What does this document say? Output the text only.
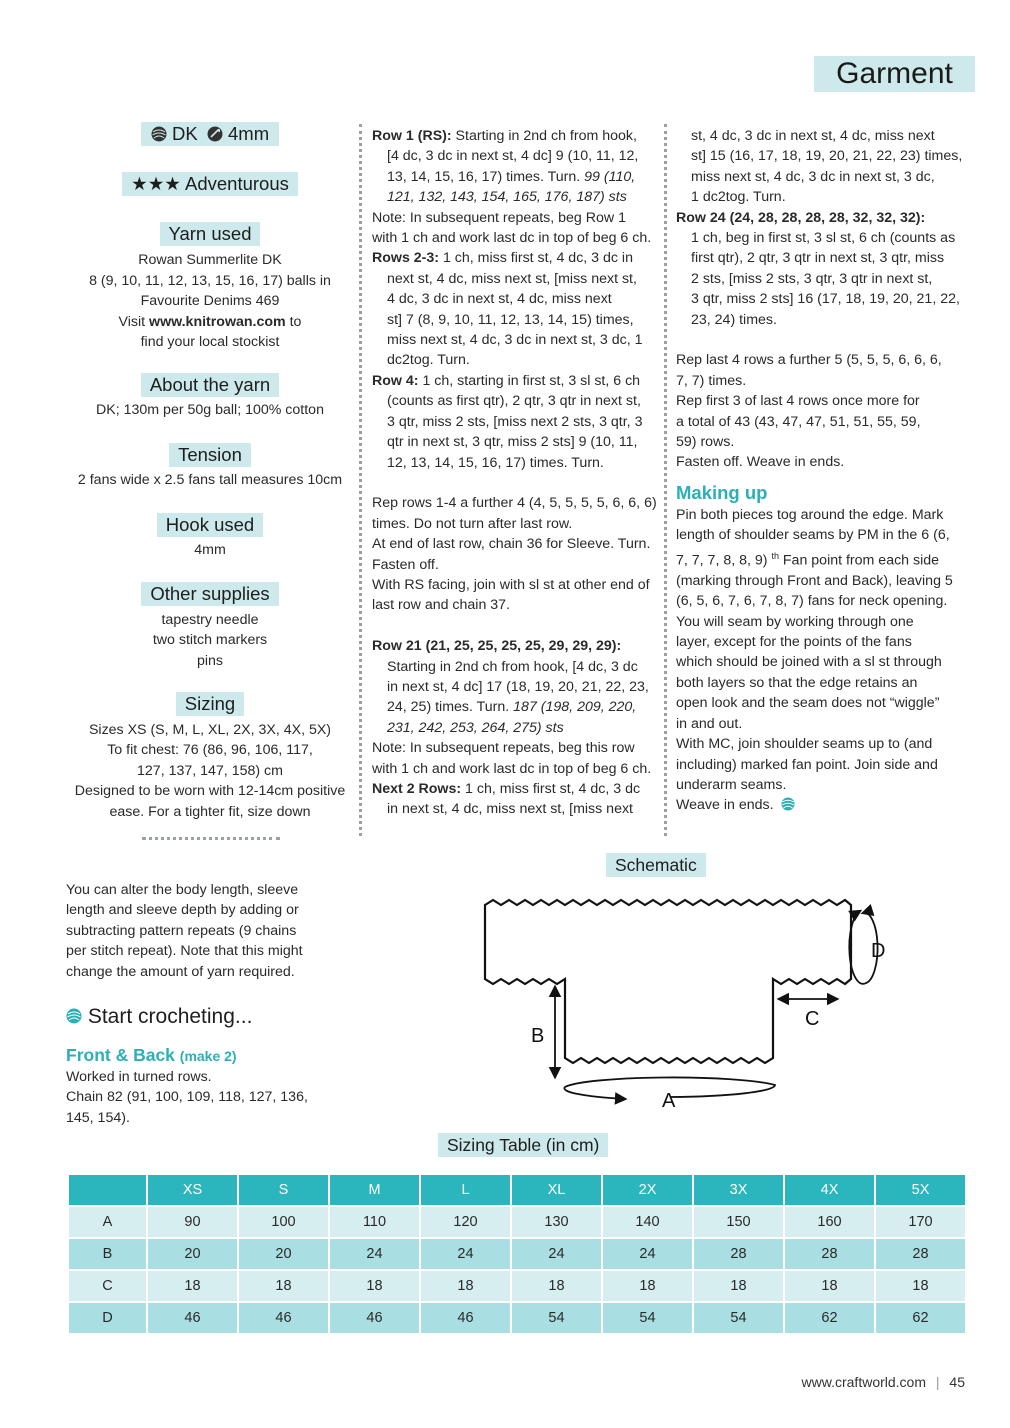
Garment
DK 4mm
★★★ Adventurous
Yarn used
Rowan Summerlite DK
8 (9, 10, 11, 12, 13, 15, 16, 17) balls in
Favourite Denims 469
Visit www.knitrowan.com to
find your local stockist
About the yarn
DK; 130m per 50g ball; 100% cotton
Tension
2 fans wide x 2.5 fans tall measures 10cm
Hook used
4mm
Other supplies
tapestry needle
two stitch markers
pins
Sizing
Sizes XS (S, M, L, XL, 2X, 3X, 4X, 5X)
To fit chest: 76 (86, 96, 106, 117,
127, 137, 147, 158) cm
Designed to be worn with 12-14cm positive
ease. For a tighter fit, size down
Row 1 (RS): Starting in 2nd ch from hook,
[4 dc, 3 dc in next st, 4 dc] 9 (10, 11, 12,
13, 14, 15, 16, 17) times. Turn. 99 (110,
121, 132, 143, 154, 165, 176, 187) sts
Note: In subsequent repeats, beg Row 1
with 1 ch and work last dc in top of beg 6 ch.
Rows 2-3: 1 ch, miss first st, 4 dc, 3 dc in
next st, 4 dc, miss next st, [miss next st,
4 dc, 3 dc in next st, 4 dc, miss next
st] 7 (8, 9, 10, 11, 12, 13, 14, 15) times,
miss next st, 4 dc, 3 dc in next st, 3 dc, 1
dc2tog. Turn.
Row 4: 1 ch, starting in first st, 3 sl st, 6 ch
(counts as first qtr), 2 qtr, 3 qtr in next st,
3 qtr, miss 2 sts, [miss next 2 sts, 3 qtr, 3
qtr in next st, 3 qtr, miss 2 sts] 9 (10, 11,
12, 13, 14, 15, 16, 17) times. Turn.
Rep rows 1-4 a further 4 (4, 5, 5, 5, 5, 6, 6, 6)
times. Do not turn after last row.
At end of last row, chain 36 for Sleeve. Turn.
Fasten off.
With RS facing, join with sl st at other end of
last row and chain 37.
Row 21 (21, 25, 25, 25, 25, 29, 29, 29):
Starting in 2nd ch from hook, [4 dc, 3 dc
in next st, 4 dc] 17 (18, 19, 20, 21, 22, 23,
24, 25) times. Turn. 187 (198, 209, 220,
231, 242, 253, 264, 275) sts
Note: In subsequent repeats, beg this row
with 1 ch and work last dc in top of beg 6 ch.
Next 2 Rows: 1 ch, miss first st, 4 dc, 3 dc
in next st, 4 dc, miss next st, [miss next
st, 4 dc, 3 dc in next st, 4 dc, miss next
st] 15 (16, 17, 18, 19, 20, 21, 22, 23) times,
miss next st, 4 dc, 3 dc in next st, 3 dc,
1 dc2tog. Turn.
Row 24 (24, 28, 28, 28, 28, 32, 32, 32):
1 ch, beg in first st, 3 sl st, 6 ch (counts as
first qtr), 2 qtr, 3 qtr in next st, 3 qtr, miss
2 sts, [miss 2 sts, 3 qtr, 3 qtr in next st,
3 qtr, miss 2 sts] 16 (17, 18, 19, 20, 21, 22,
23, 24) times.
Rep last 4 rows a further 5 (5, 5, 5, 6, 6, 6,
7, 7) times.
Rep first 3 of last 4 rows once more for
a total of 43 (43, 47, 47, 51, 51, 55, 59,
59) rows.
Fasten off. Weave in ends.
Making up
Pin both pieces tog around the edge. Mark
length of shoulder seams by PM in the 6 (6,
7, 7, 7, 8, 8, 9) $^{th}$ Fan point from each side
(marking through Front and Back), leaving 5
(6, 5, 6, 7, 6, 7, 8, 7) fans for neck opening.
You will seam by working through one
layer, except for the points of the fans
which should be joined with a sl st through
both layers so that the edge retains an
open look and the seam does not “wiggle”
in and out.
With MC, join shoulder seams up to (and
including) marked fan point. Join side and
underarm seams.
Weave in ends.
You can alter the body length, sleeve
length and sleeve depth by adding or
subtracting pattern repeats (9 chains
per stitch repeat). Note that this might
change the amount of yarn required.
Start crocheting...
Front & Back (make 2)
Worked in turned rows.
Chain 82 (91, 100, 109, 118, 127, 136,
145, 154).
Schematic
B
C
A
D
Sizing Table (in cm)
	XS	S	M	L	XL	2X	3X	4X	5X
A	90	100	110	120	130	140	150	160	170
B	20	20	24	24	24	24	28	28	28
C	18	18	18	18	18	18	18	18	18
D	46	46	46	46	54	54	54	62	62
www.craftworld.com | 45
